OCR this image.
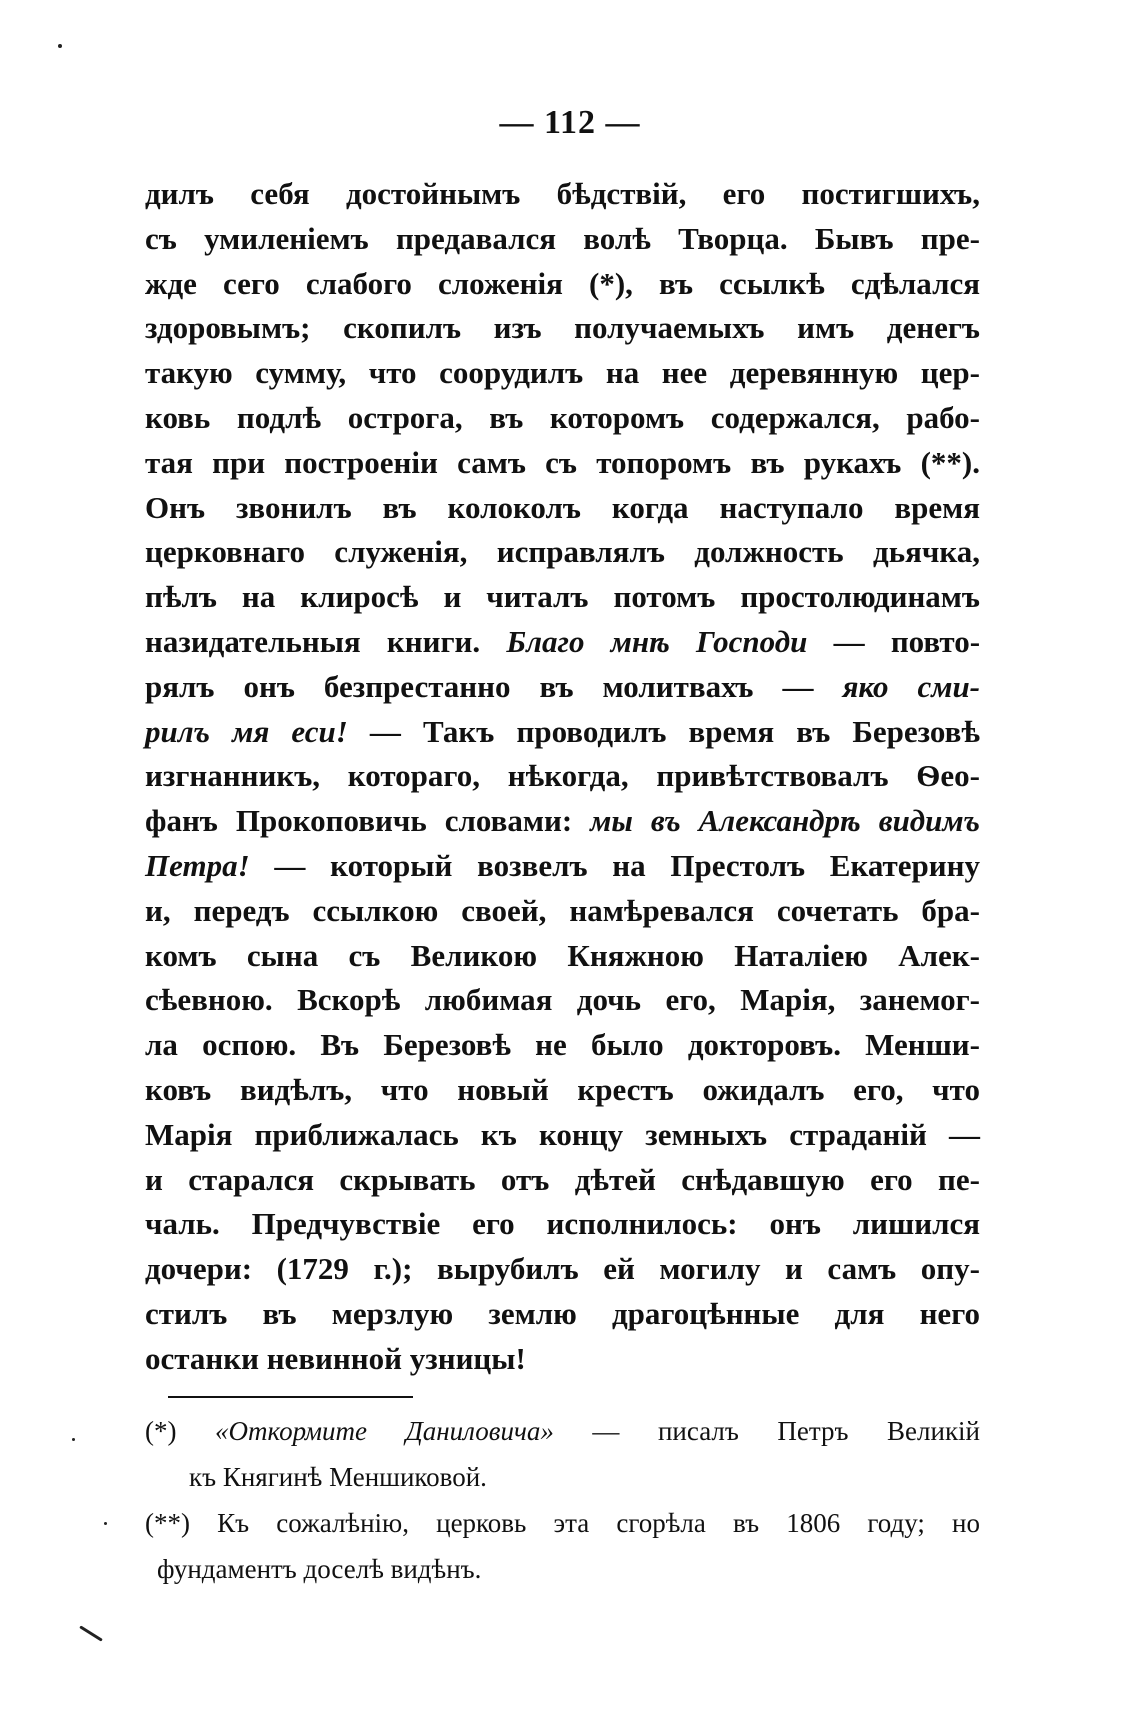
— 112 —
дилъ себя достойнымъ бѣдствiй, его постигшихъ,
съ умиленiемъ предавался волѣ Творца. Бывъ пре-
жде сего слабого сложенiя (*), въ ссылкѣ сдѣлался
здоровымъ; скопилъ изъ получаемыхъ имъ денегъ
такую сумму, что соорудилъ на нее деревянную цер-
ковь подлѣ острога, въ которомъ содержался, рабо-
тая при построенiи самъ съ топоромъ въ рукахъ (**).
Онъ звонилъ въ колоколъ когда наступало время
церковнаго служенiя, исправлялъ должность дьячка,
пѣлъ на клиросѣ и читалъ потомъ простолюдинамъ
назидательныя книги. Благо мнѣ Господи — повто-
рялъ онъ безпрестанно въ молитвахъ — яко сми-
рилъ мя еси! — Такъ проводилъ время въ Березовѣ
изгнанникъ, котораго, нѣкогда, привѣтствовалъ Ѳео-
фанъ Прокоповичь словами: мы въ Александрѣ видимъ
Петра! — который возвелъ на Престолъ Екатерину
и, передъ ссылкою своей, намѣревался сочетать бра-
комъ сына съ Великою Княжною Наталiею Алек-
сѣевною. Вскорѣ любимая дочь его, Марiя, занемог-
ла оспою. Въ Березовѣ не было докторовъ. Менши-
ковъ видѣлъ, что новый крестъ ожидалъ его, что
Марiя приближалась къ концу земныхъ страданiй —
и старался скрывать отъ дѣтей снѣдавшую его пе-
чаль. Предчувствiе его исполнилось: онъ лишился
дочери: (1729 г.); вырубилъ ей могилу и самъ опу-
стилъ въ мерзлую землю драгоцѣнные для него
останки невинной узницы!
(*) «Откормите Даниловича» — писалъ Петръ Великiй
къ Княгинѣ Меншиковой.
(**) Къ сожалѣнiю, церковь эта сгорѣла въ 1806 году; но
фундаментъ доселѣ видѣнъ.
